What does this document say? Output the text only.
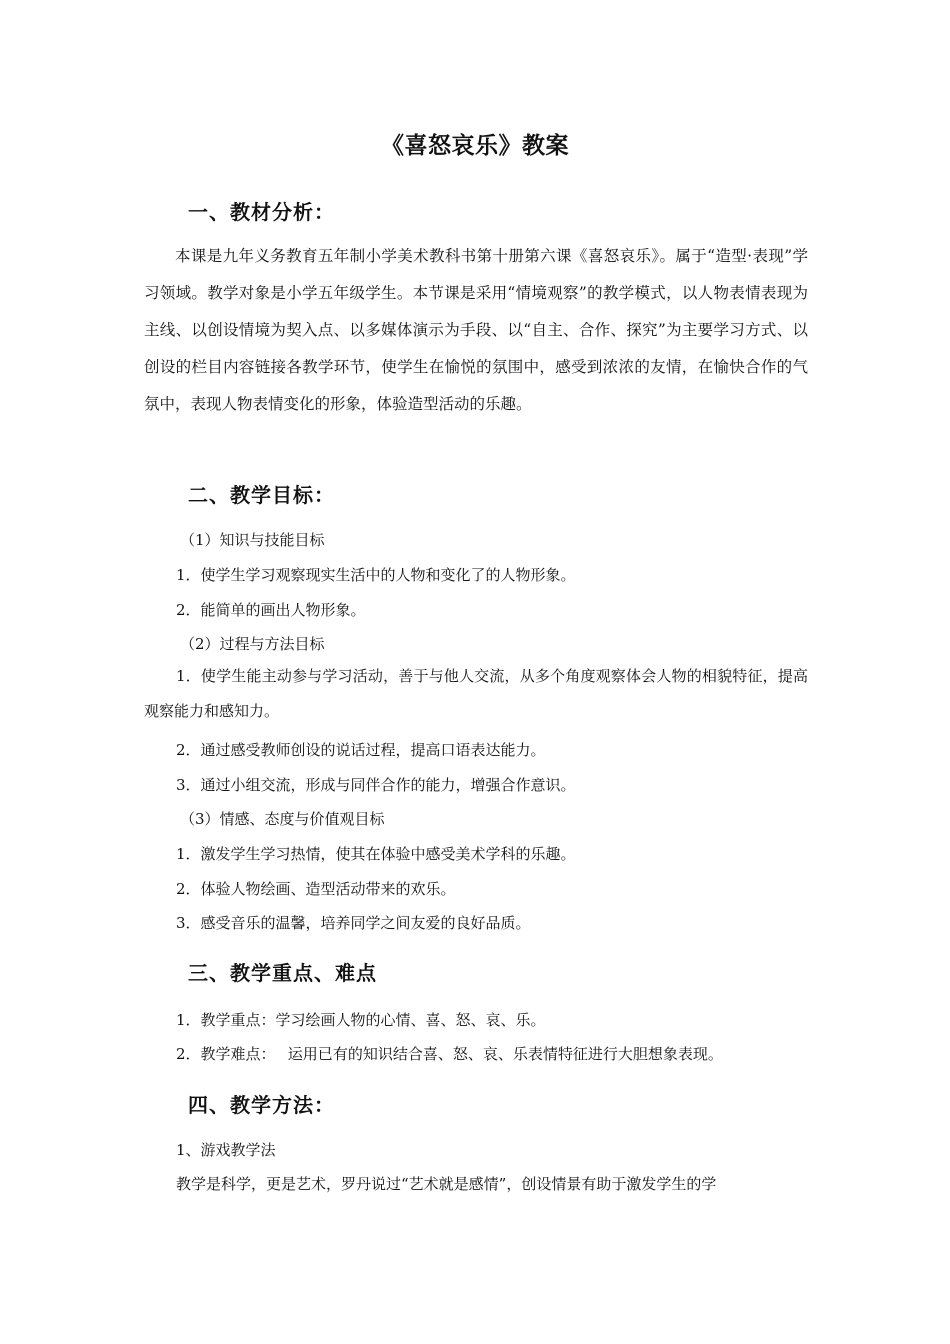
《喜怒哀乐》教案
一、教材分析：

本课是九年义务教育五年制小学美术教科书第十册第六课《喜怒哀乐》。属于“造型·表现”学习领域。教学对象是小学五年级学生。本节课是采用“情境观察”的教学模式，以人物表情表现为主线、以创设情境为契入点、以多媒体演示为手段、以“自主、合作、探究”为主要学习方式、以创设的栏目内容链接各教学环节，使学生在愉悦的氛围中，感受到浓浓的友情，在愉快合作的气氛中，表现人物表情变化的形象，体验造型活动的乐趣。

二、教学目标：
（1）知识与技能目标
1．使学生学习观察现实生活中的人物和变化了的人物形象。
2．能简单的画出人物形象。
（2）过程与方法目标

1．使学生能主动参与学习活动，善于与他人交流，从多个角度观察体会人物的相貌特征，提高观察能力和感知力。

2．通过感受教师创设的说话过程，提高口语表达能力。
3．通过小组交流，形成与同伴合作的能力，增强合作意识。
（3）情感、态度与价值观目标
1．激发学生学习热情，使其在体验中感受美术学科的乐趣。
2．体验人物绘画、造型活动带来的欢乐。
3．感受音乐的温馨，培养同学之间友爱的良好品质。
三、教学重点、难点
1．教学重点：学习绘画人物的心情、喜、怒、哀、乐。
2．教学难点：　 运用已有的知识结合喜、怒、哀、乐表情特征进行大胆想象表现。
四、教学方法：
1、游戏教学法
教学是科学，更是艺术，罗丹说过“艺术就是感情”，创设情景有助于激发学生的学
